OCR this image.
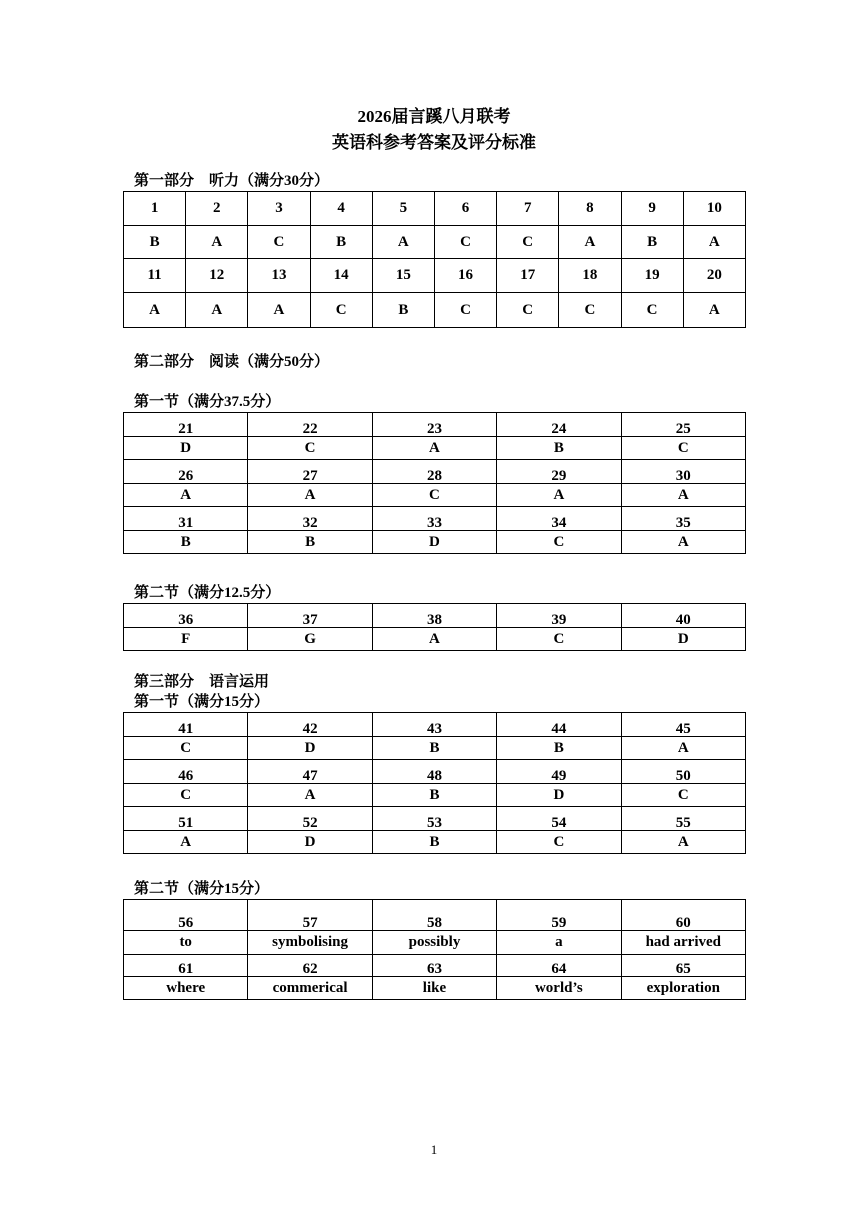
2026届言蹊八月联考
英语科参考答案及评分标准
第一部分　听力（满分30分）
1	2	3	4	5	6	7	8	9	10
B	A	C	B	A	C	C	A	B	A
11	12	13	14	15	16	17	18	19	20
A	A	A	C	B	C	C	C	C	A
第二部分　阅读（满分50分）
第一节（满分37.5分）
21	22	23	24	25
D	C	A	B	C
26	27	28	29	30
A	A	C	A	A
31	32	33	34	35
B	B	D	C	A
第二节（满分12.5分）
36	37	38	39	40
F	G	A	C	D
第三部分　语言运用
第一节（满分15分）
41	42	43	44	45
C	D	B	B	A
46	47	48	49	50
C	A	B	D	C
51	52	53	54	55
A	D	B	C	A
第二节（满分15分）
56	57	58	59	60
to	symbolising	possibly	a	had arrived
61	62	63	64	65
where	commerical	like	world’s	exploration
1
